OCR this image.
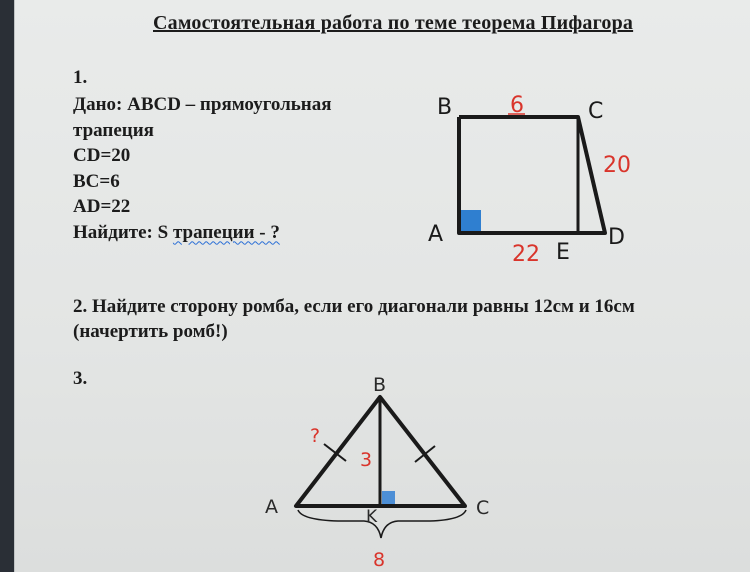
Самостоятельная работа по теме теорема Пифагора
1.
Дано: ABCD – прямоугольная
трапеция
CD=20
BC=6
AD=22
Найдите: S трапеции - ?
2. Найдите сторону ромба, если его диагонали равны 12см и 16см
(начертить ромб!)
3.
B	C
A	D
E
6
20
22
B
A	C
K
?
3
8
